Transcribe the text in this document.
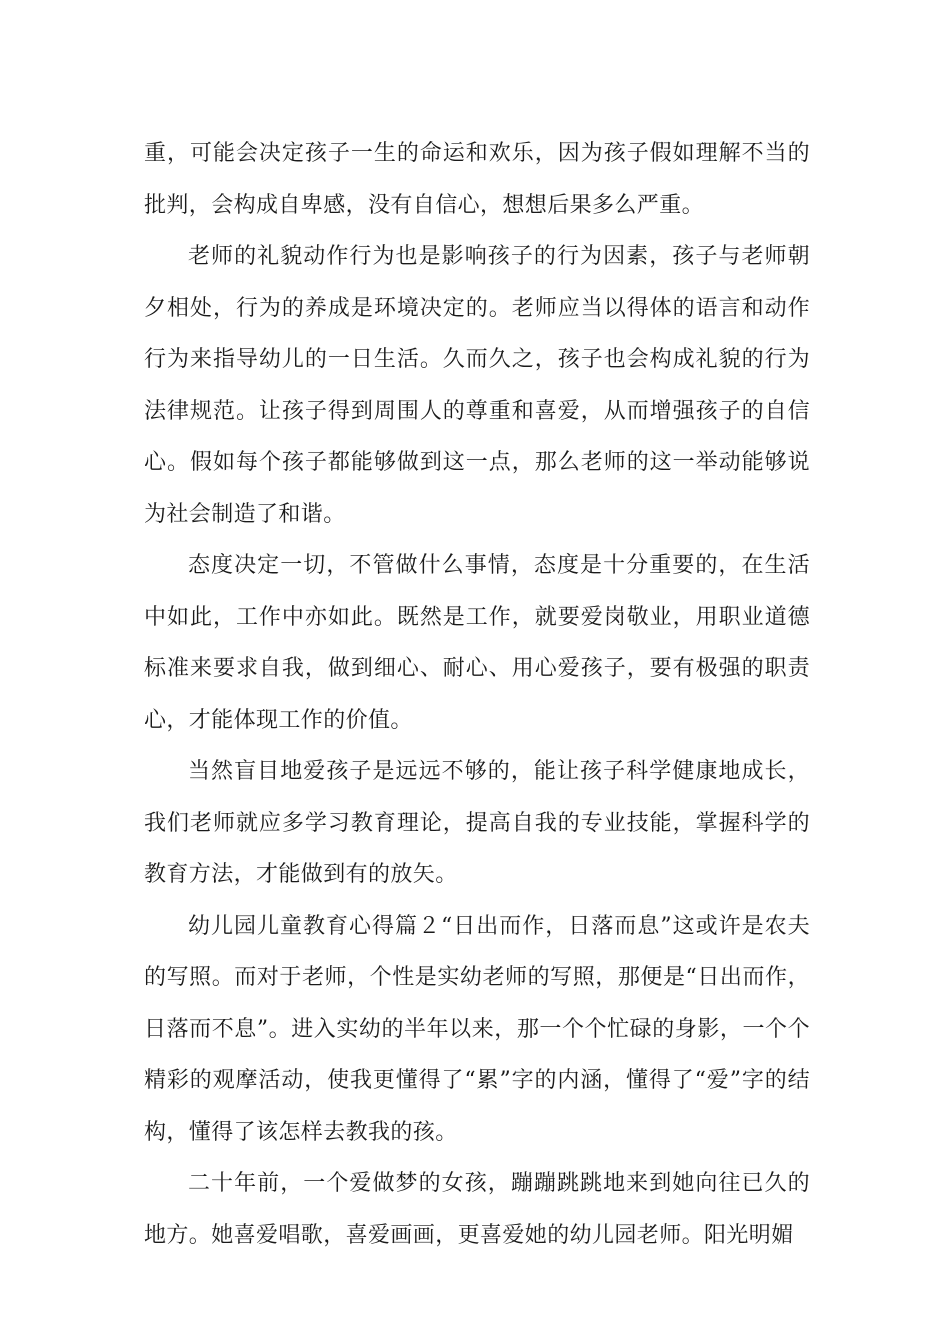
重，可能会决定孩子一生的命运和欢乐，因为孩子假如理解不当的批判，会构成自卑感，没有自信心，想想后果多么严重。

老师的礼貌动作行为也是影响孩子的行为因素，孩子与老师朝夕相处，行为的养成是环境决定的。老师应当以得体的语言和动作行为来指导幼儿的一日生活。久而久之，孩子也会构成礼貌的行为法律规范。让孩子得到周围人的尊重和喜爱，从而增强孩子的自信心。假如每个孩子都能够做到这一点，那么老师的这一举动能够说为社会制造了和谐。

态度决定一切，不管做什么事情，态度是十分重要的，在生活中如此，工作中亦如此。既然是工作，就要爱岗敬业，用职业道德标准来要求自我，做到细心、耐心、用心爱孩子，要有极强的职责心，才能体现工作的价值。

当然盲目地爱孩子是远远不够的，能让孩子科学健康地成长，我们老师就应多学习教育理论，提高自我的专业技能，掌握科学的教育方法，才能做到有的放矢。

幼儿园儿童教育心得篇２“日出而作，日落而息”这或许是农夫的写照。而对于老师，个性是实幼老师的写照，那便是“日出而作，日落而不息”。进入实幼的半年以来，那一个个忙碌的身影，一个个精彩的观摩活动，使我更懂得了“累”字的内涵，懂得了“爱”字的结构，懂得了该怎样去教我的孩。

二十年前，一个爱做梦的女孩，蹦蹦跳跳地来到她向往已久的地方。她喜爱唱歌，喜爱画画，更喜爱她的幼儿园老师。阳光明媚
